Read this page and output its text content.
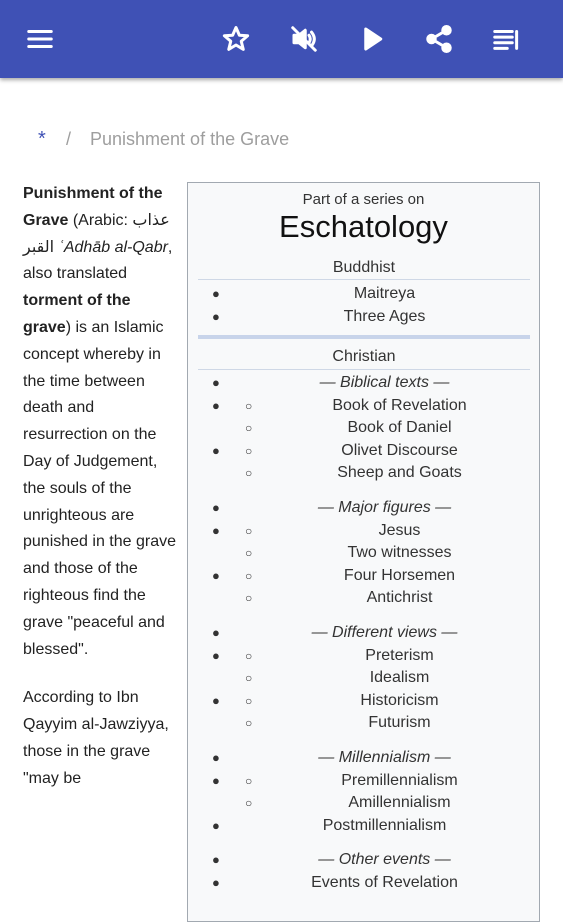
* / Punishment of the Grave

Punishment of the Grave (Arabic: عذاب القبر ʿAdhāb al-Qabr, also translated torment of the grave) is an Islamic concept whereby in the time between death and resurrection on the Day of Judgement, the souls of the unrighteous are punished in the grave and those of the righteous find the grave "peaceful and blessed".

According to Ibn Qayyim al-Jawziyya, those in the grave "may be

Part of a series on
Eschatology
Buddhist
●	Maitreya
●	Three Ages
Christian
●	— Biblical texts —
● ○	Book of Revelation
○	Book of Daniel
● ○	Olivet Discourse
○	Sheep and Goats
●	— Major figures —
● ○	Jesus
○	Two witnesses
● ○	Four Horsemen
○	Antichrist
●	— Different views —
● ○	Preterism
○	Idealism
● ○	Historicism
○	Futurism
●	— Millennialism —
● ○	Premillennialism
○	Amillennialism
●	Postmillennialism
●	— Other events —
●	Events of Revelation
